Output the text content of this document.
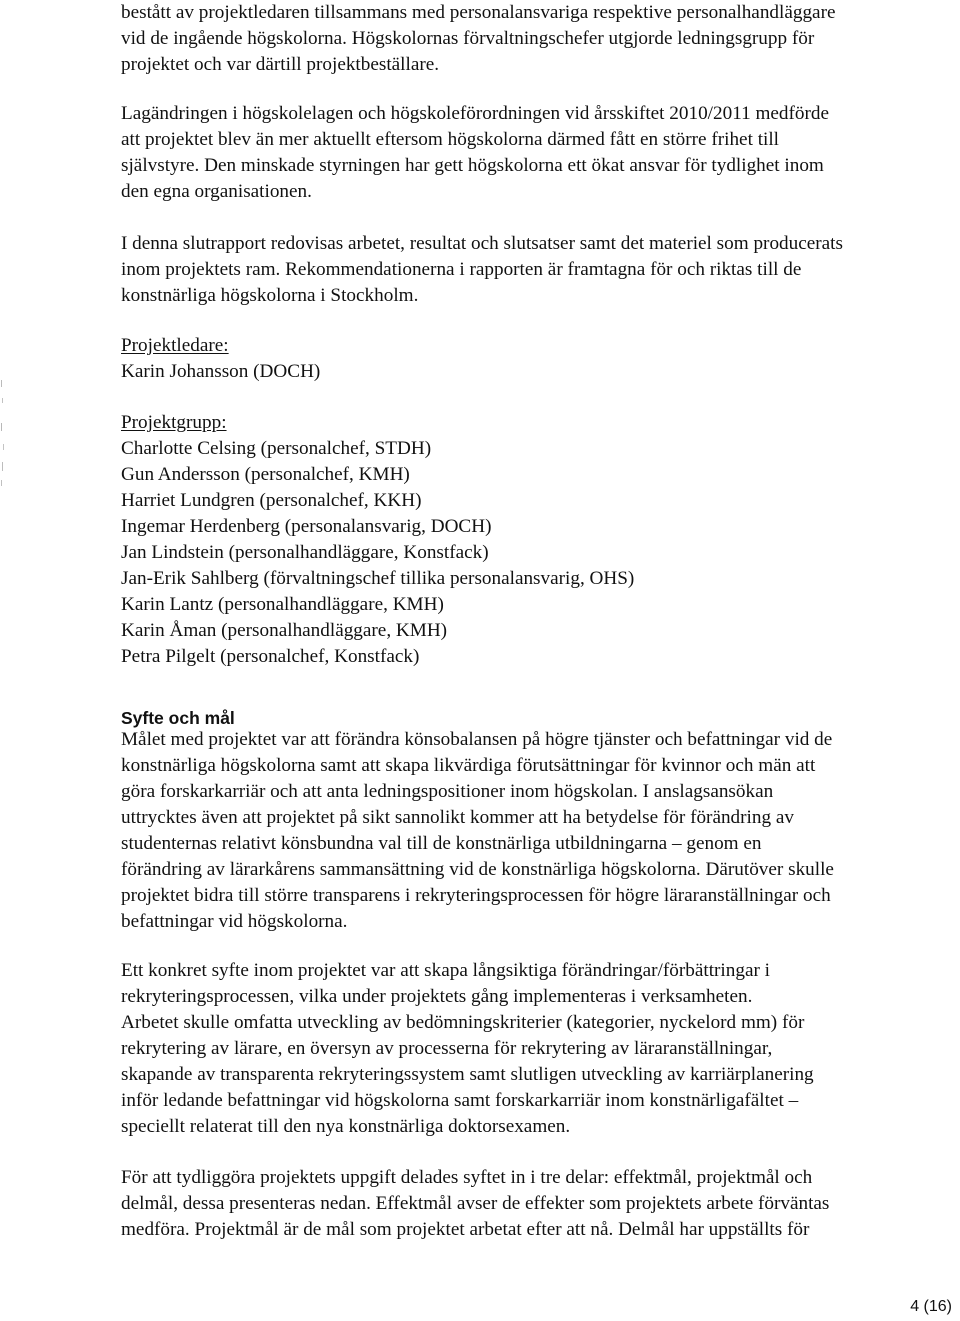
bestått av projektledaren tillsammans med personalansvariga respektive personalhandläggare
vid de ingående högskolorna. Högskolornas förvaltningschefer utgjorde ledningsgrupp för
projektet och var därtill projektbeställare.

Lagändringen i högskolelagen och högskoleförordningen vid årsskiftet 2010/2011 medförde
att projektet blev än mer aktuellt eftersom högskolorna därmed fått en större frihet till
självstyre. Den minskade styrningen har gett högskolorna ett ökat ansvar för tydlighet inom
den egna organisationen.

I denna slutrapport redovisas arbetet, resultat och slutsatser samt det materiel som producerats
inom projektets ram. Rekommendationerna i rapporten är framtagna för och riktas till de
konstnärliga högskolorna i Stockholm.

Projektledare:
Karin Johansson (DOCH)

Projektgrupp:
Charlotte Celsing (personalchef, STDH)
Gun Andersson (personalchef, KMH)
Harriet Lundgren (personalchef, KKH)
Ingemar Herdenberg (personalansvarig, DOCH)
Jan Lindstein (personalhandläggare, Konstfack)
Jan-Erik Sahlberg (förvaltningschef tillika personalansvarig, OHS)
Karin Lantz (personalhandläggare, KMH)
Karin Åman (personalhandläggare, KMH)
Petra Pilgelt (personalchef, Konstfack)

Syfte och mål

Målet med projektet var att förändra könsobalansen på högre tjänster och befattningar vid de
konstnärliga högskolorna samt att skapa likvärdiga förutsättningar för kvinnor och män att
göra forskarkarriär och att anta ledningspositioner inom högskolan. I anslagsansökan
uttrycktes även att projektet på sikt sannolikt kommer att ha betydelse för förändring av
studenternas relativt könsbundna val till de konstnärliga utbildningarna – genom en
förändring av lärarkårens sammansättning vid de konstnärliga högskolorna. Därutöver skulle
projektet bidra till större transparens i rekryteringsprocessen för högre läraranställningar och
befattningar vid högskolorna.

Ett konkret syfte inom projektet var att skapa långsiktiga förändringar/förbättringar i
rekryteringsprocessen, vilka under projektets gång implementeras i verksamheten.
Arbetet skulle omfatta utveckling av bedömningskriterier (kategorier, nyckelord mm) för
rekrytering av lärare, en översyn av processerna för rekrytering av läraranställningar,
skapande av transparenta rekryteringssystem samt slutligen utveckling av karriärplanering
inför ledande befattningar vid högskolorna samt forskarkarriär inom konstnärligafältet –
speciellt relaterat till den nya konstnärliga doktorsexamen.

För att tydliggöra projektets uppgift delades syftet in i tre delar: effektmål, projektmål och
delmål, dessa presenteras nedan. Effektmål avser de effekter som projektets arbete förväntas
medföra. Projektmål är de mål som projektet arbetat efter att nå. Delmål har uppställts för

4 (16)
